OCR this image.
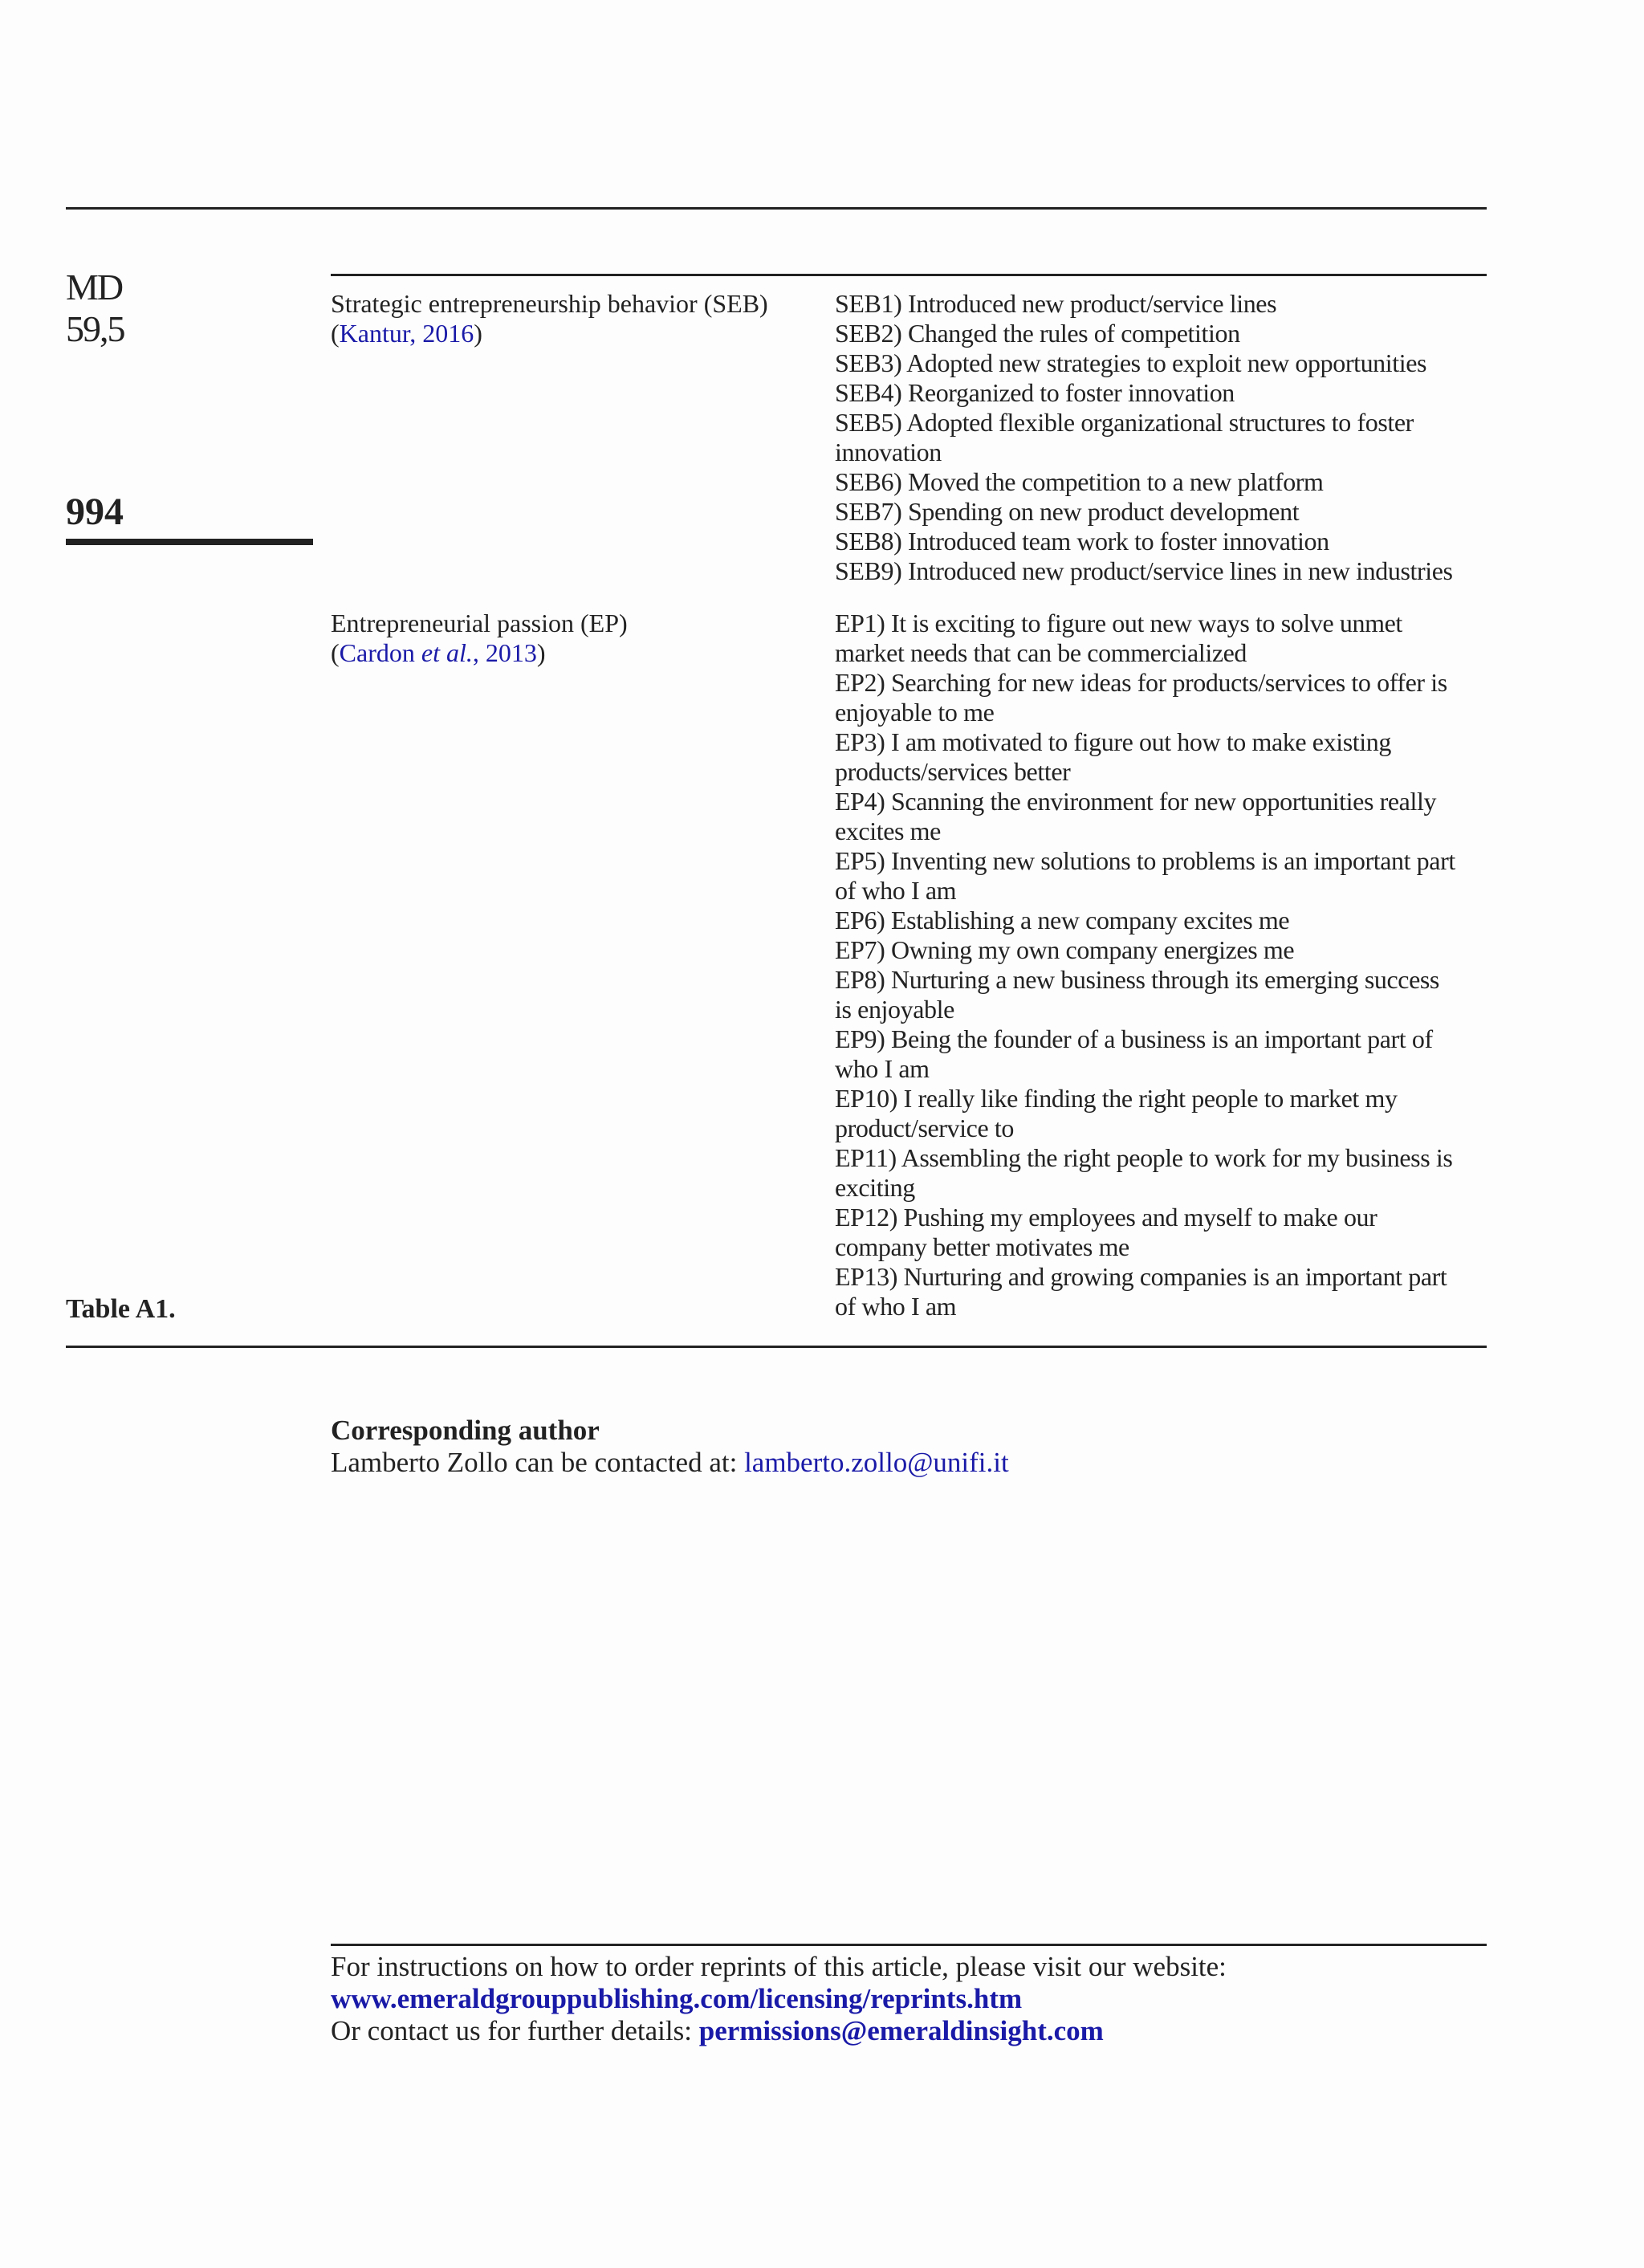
MD
59,5
994
Table A1.
Strategic entrepreneurship behavior (SEB)
(Kantur, 2016)
SEB1) Introduced new product/service lines
SEB2) Changed the rules of competition
SEB3) Adopted new strategies to exploit new opportunities
SEB4) Reorganized to foster innovation
SEB5) Adopted flexible organizational structures to foster
innovation
SEB6) Moved the competition to a new platform
SEB7) Spending on new product development
SEB8) Introduced team work to foster innovation
SEB9) Introduced new product/service lines in new industries
Entrepreneurial passion (EP)
(Cardon et al., 2013)
EP1) It is exciting to figure out new ways to solve unmet
market needs that can be commercialized
EP2) Searching for new ideas for products/services to offer is
enjoyable to me
EP3) I am motivated to figure out how to make existing
products/services better
EP4) Scanning the environment for new opportunities really
excites me
EP5) Inventing new solutions to problems is an important part
of who I am
EP6) Establishing a new company excites me
EP7) Owning my own company energizes me
EP8) Nurturing a new business through its emerging success
is enjoyable
EP9) Being the founder of a business is an important part of
who I am
EP10) I really like finding the right people to market my
product/service to
EP11) Assembling the right people to work for my business is
exciting
EP12) Pushing my employees and myself to make our
company better motivates me
EP13) Nurturing and growing companies is an important part
of who I am
Corresponding author
Lamberto Zollo can be contacted at: lamberto.zollo@unifi.it
For instructions on how to order reprints of this article, please visit our website:
www.emeraldgrouppublishing.com/licensing/reprints.htm
Or contact us for further details: permissions@emeraldinsight.com
